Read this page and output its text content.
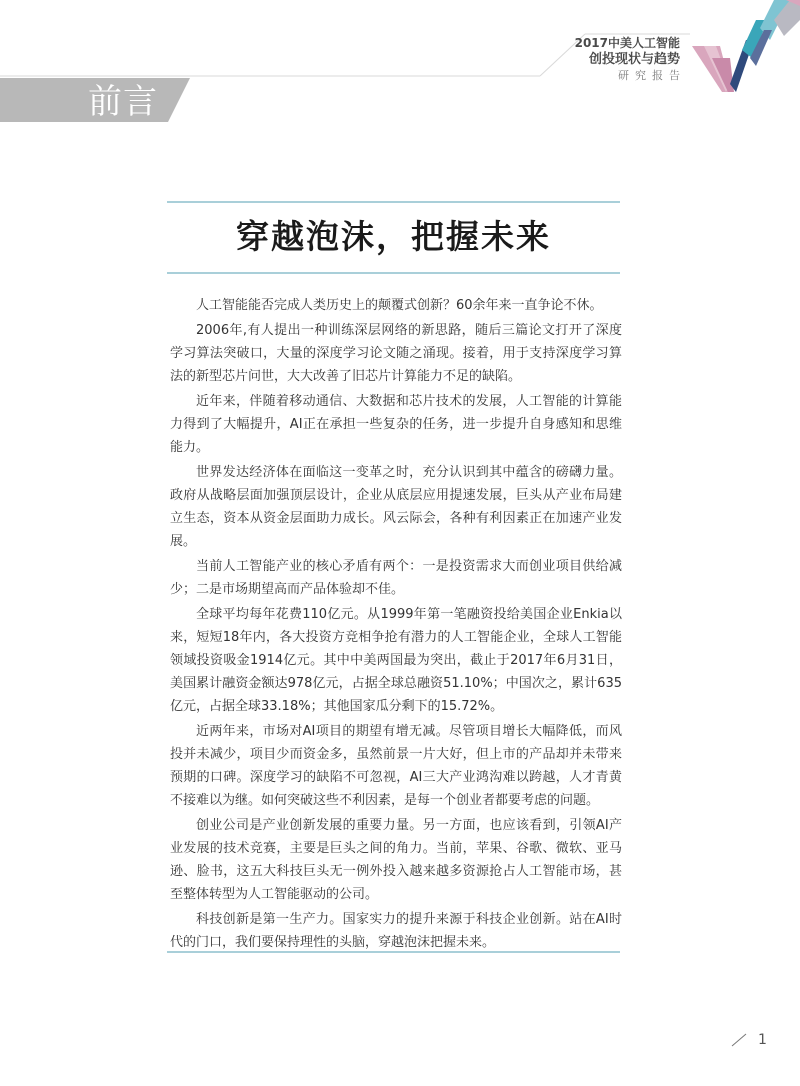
2017中美人工智能
创投现状与趋势
研究报告
前言
穿越泡沫，把握未来

人工智能能否完成人类历史上的颠覆式创新？60余年来一直争论不休。

2006年,有人提出一种训练深层网络的新思路，随后三篇论文打开了深度学习算法突破口，大量的深度学习论文随之涌现。接着，用于支持深度学习算法的新型芯片问世，大大改善了旧芯片计算能力不足的缺陷。

近年来，伴随着移动通信、大数据和芯片技术的发展，人工智能的计算能力得到了大幅提升，AI正在承担一些复杂的任务，进一步提升自身感知和思维能力。

世界发达经济体在面临这一变革之时，充分认识到其中蕴含的磅礴力量。政府从战略层面加强顶层设计，企业从底层应用提速发展，巨头从产业布局建立生态，资本从资金层面助力成长。风云际会，各种有利因素正在加速产业发展。

当前人工智能产业的核心矛盾有两个：一是投资需求大而创业项目供给减少；二是市场期望高而产品体验却不佳。

全球平均每年花费110亿元。从1999年第一笔融资投给美国企业Enkia以来，短短18年内，各大投资方竞相争抢有潜力的人工智能企业，全球人工智能领域投资吸金1914亿元。其中中美两国最为突出，截止于2017年6月31日，美国累计融资金额达978亿元，占据全球总融资51.10%；中国次之，累计635亿元，占据全球33.18%；其他国家瓜分剩下的15.72%。

近两年来，市场对AI项目的期望有增无减。尽管项目增长大幅降低，而风投并未减少，项目少而资金多，虽然前景一片大好，但上市的产品却并未带来预期的口碑。深度学习的缺陷不可忽视，AI三大产业鸿沟难以跨越，人才青黄不接难以为继。如何突破这些不利因素，是每一个创业者都要考虑的问题。

创业公司是产业创新发展的重要力量。另一方面，也应该看到，引领AI产业发展的技术竞赛，主要是巨头之间的角力。当前，苹果、谷歌、微软、亚马逊、脸书，这五大科技巨头无一例外投入越来越多资源抢占人工智能市场，甚至整体转型为人工智能驱动的公司。

科技创新是第一生产力。国家实力的提升来源于科技企业创新。站在AI时代的门口，我们要保持理性的头脑，穿越泡沫把握未来。

1
